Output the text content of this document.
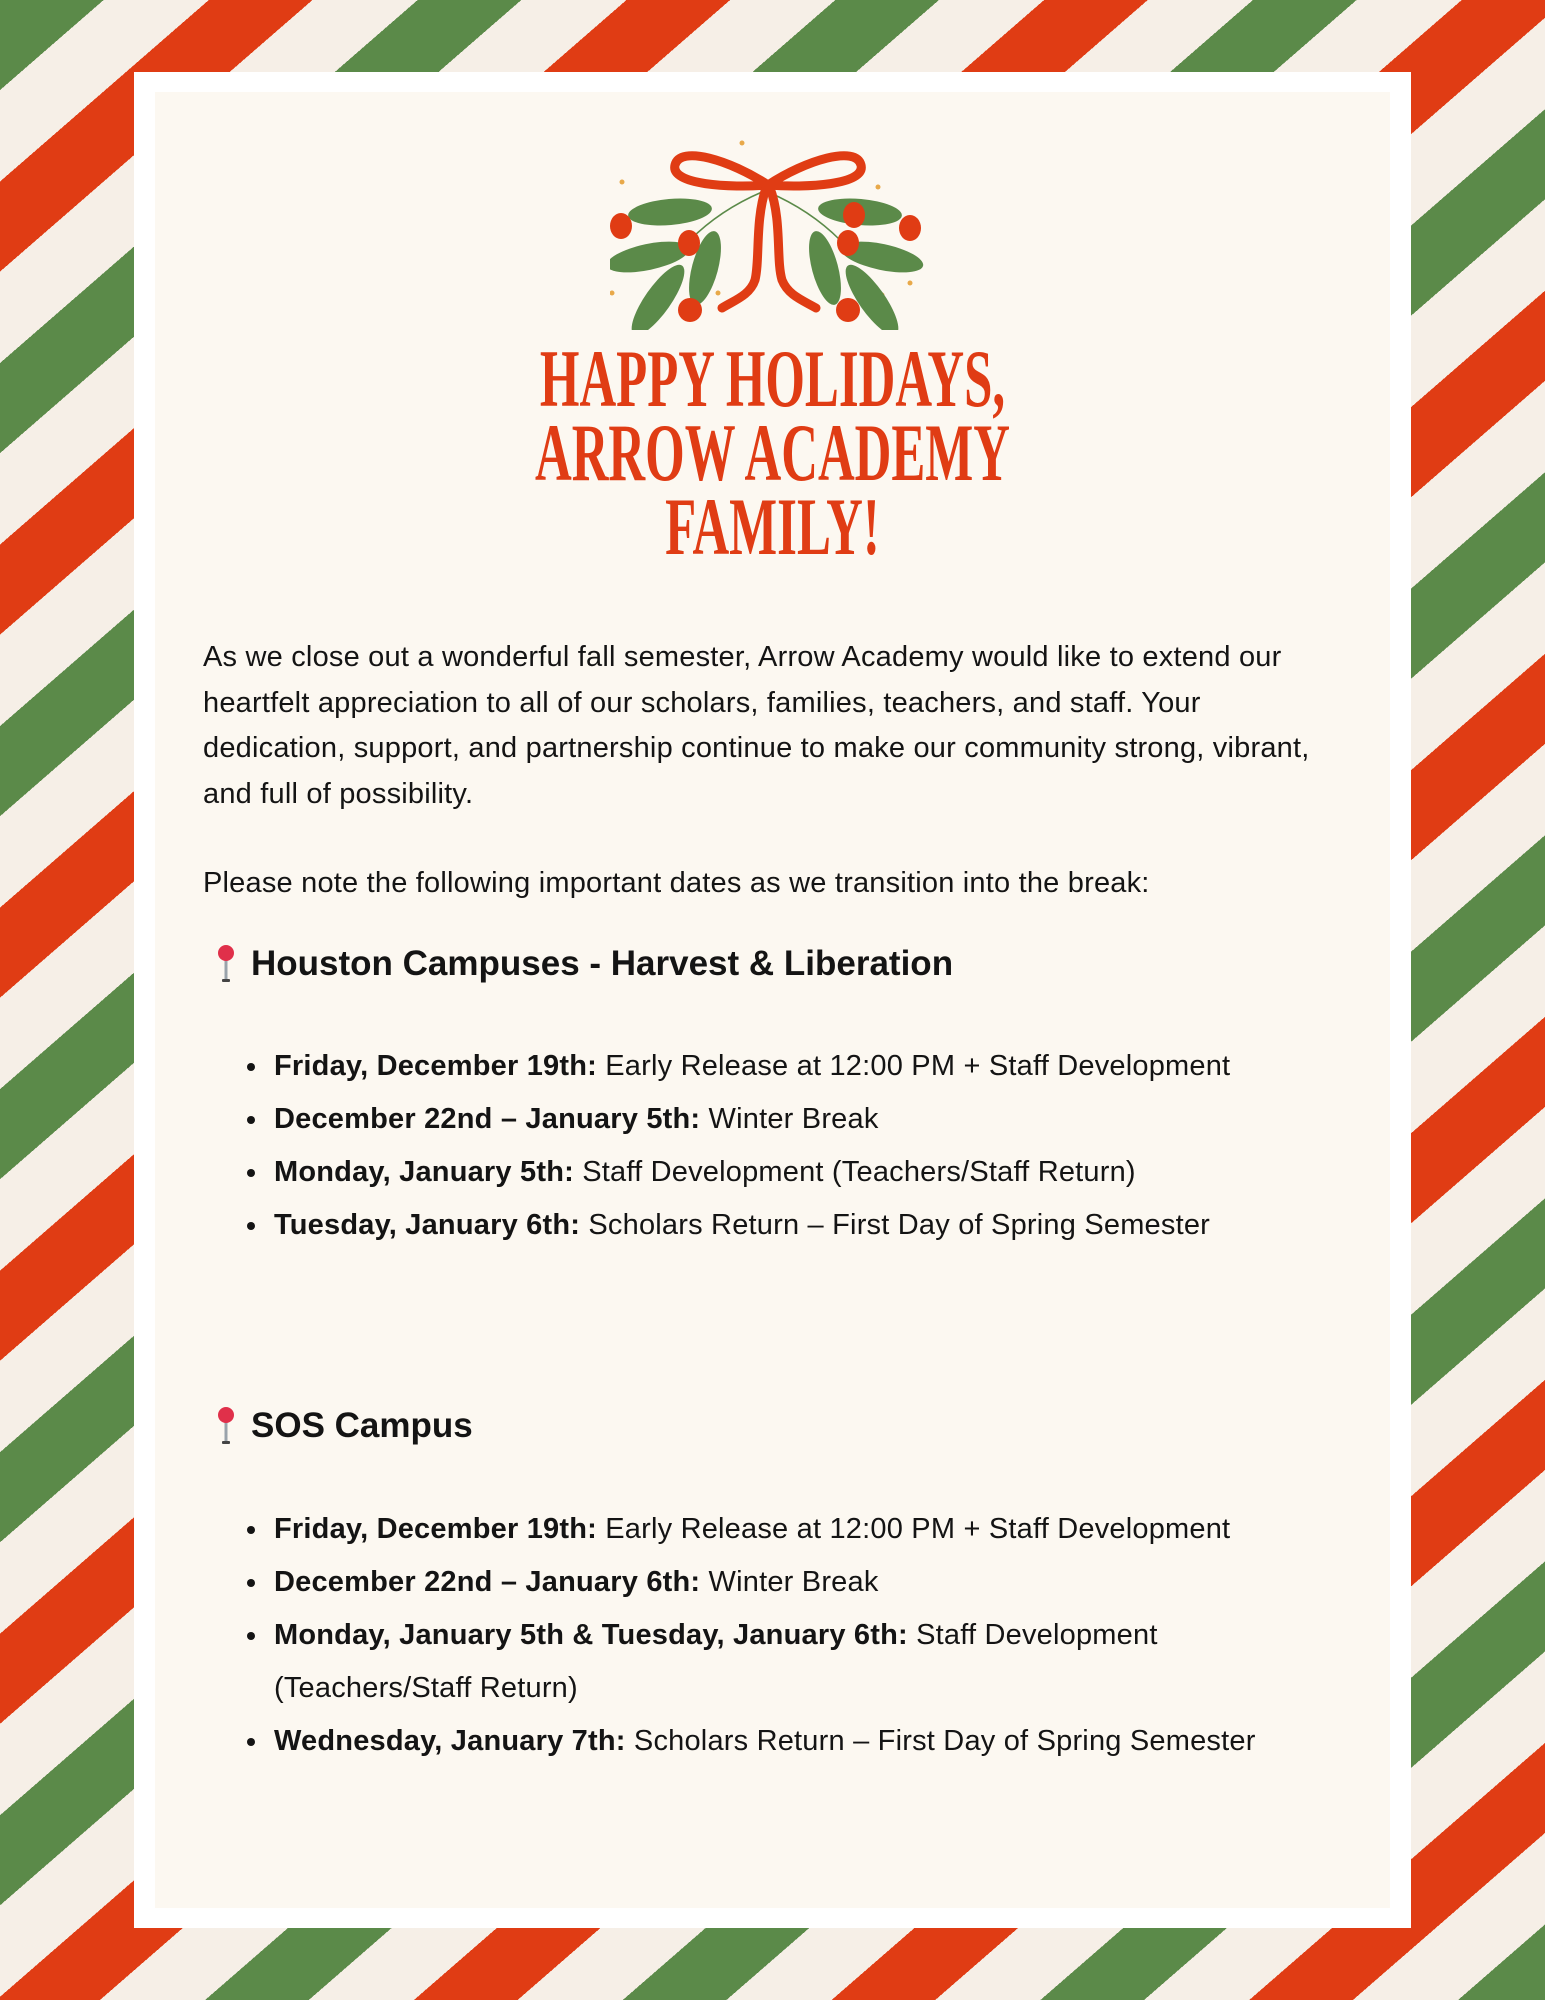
HAPPY HOLIDAYS,
ARROW ACADEMY
FAMILY!

As we close out a wonderful fall semester, Arrow Academy would like to extend our heartfelt appreciation to all of our scholars, families, teachers, and staff. Your dedication, support, and partnership continue to make our community strong, vibrant, and full of possibility.

Please note the following important dates as we transition into the break:

Houston Campuses - Harvest & Liberation
Friday, December 19th: Early Release at 12:00 PM + Staff Development
December 22nd – January 5th: Winter Break
Monday, January 5th: Staff Development (Teachers/Staff Return)
Tuesday, January 6th: Scholars Return – First Day of Spring Semester
SOS Campus
Friday, December 19th: Early Release at 12:00 PM + Staff Development
December 22nd – January 6th: Winter Break
Monday, January 5th & Tuesday, January 6th: Staff Development (Teachers/Staff Return)
Wednesday, January 7th: Scholars Return – First Day of Spring Semester
